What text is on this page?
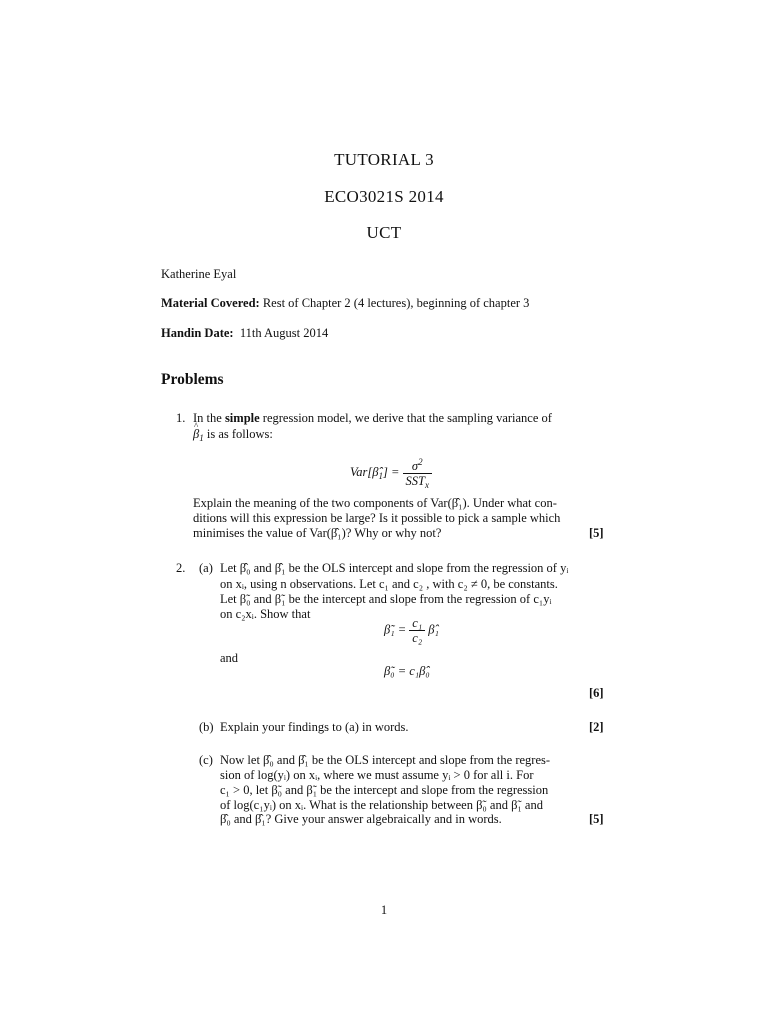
TUTORIAL 3
ECO3021S 2014
UCT
Katherine Eyal
Material Covered: Rest of Chapter 2 (4 lectures), beginning of chapter 3
Handin Date: 11th August 2014
Problems
1. In the simple regression model, we derive that the sampling variance of
^ $\beta_1$ is as follows:
$Var[\betâ_1] = \frac{\sigma^2}{SST_x}$
Explain the meaning of the two components of Var(β̂₁). Under what con-
ditions will this expression be large? Is it possible to pick a sample which
minimises the value of Var(β̂₁)? Why or why not?	[5]
2. (a) Let β̂₀ and β̂₁ be the OLS intercept and slope from the regression of yᵢ
on xᵢ, using n observations. Let c₁ and c₂ , with c₂ ≠ 0, be constants.
Let β̃₀ and β̃₁ be the intercept and slope from the regression of c₁yᵢ
on c₂xᵢ. Show that
β̃₁ = $\frac{\text{c₁}}{\text{c₂}}$ β̂₁
and
β̃₀ = c₁β̂₀
[6]
(b) Explain your findings to (a) in words.	[2]
(c) Now let β̂₀ and β̂₁ be the OLS intercept and slope from the regres-
sion of log(yᵢ) on xᵢ, where we must assume yᵢ > 0 for all i. For
c₁ > 0, let β̃₀ and β̃₁ be the intercept and slope from the regression
of log(c₁yᵢ) on xᵢ. What is the relationship between β̃₀ and β̃₁ and
β̂₀ and β̂₁? Give your answer algebraically and in words.	[5]
1
